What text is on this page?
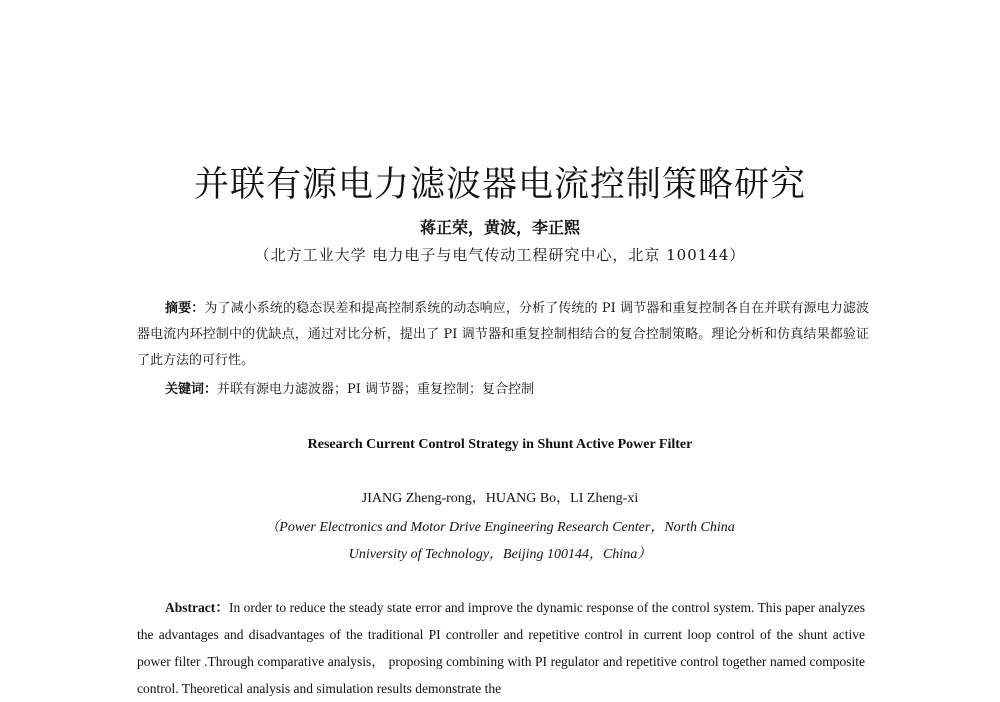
并联有源电力滤波器电流控制策略研究
蒋正荣，黄波，李正熙
（北方工业大学 电力电子与电气传动工程研究中心，北京 100144）

摘要：为了减小系统的稳态误差和提高控制系统的动态响应，分析了传统的 PI 调节器和重复控制各自在并联有源电力滤波器电流内环控制中的优缺点，通过对比分析，提出了 PI 调节器和重复控制相结合的复合控制策略。理论分析和仿真结果都验证了此方法的可行性。

关键词：并联有源电力滤波器；PI 调节器；重复控制；复合控制

Research Current Control Strategy in Shunt Active Power Filter
JIANG Zheng-rong，HUANG Bo，LI Zheng-xi
（Power Electronics and Motor Drive Engineering Research Center，North China
University of Technology，Beijing 100144，China）

Abstract：In order to reduce the steady state error and improve the dynamic response of the control system. This paper analyzes the advantages and disadvantages of the traditional PI controller and repetitive control in current loop control of the shunt active power filter .Through comparative analysis， proposing combining with PI regulator and repetitive control together named composite control. Theoretical analysis and simulation results demonstrate the
